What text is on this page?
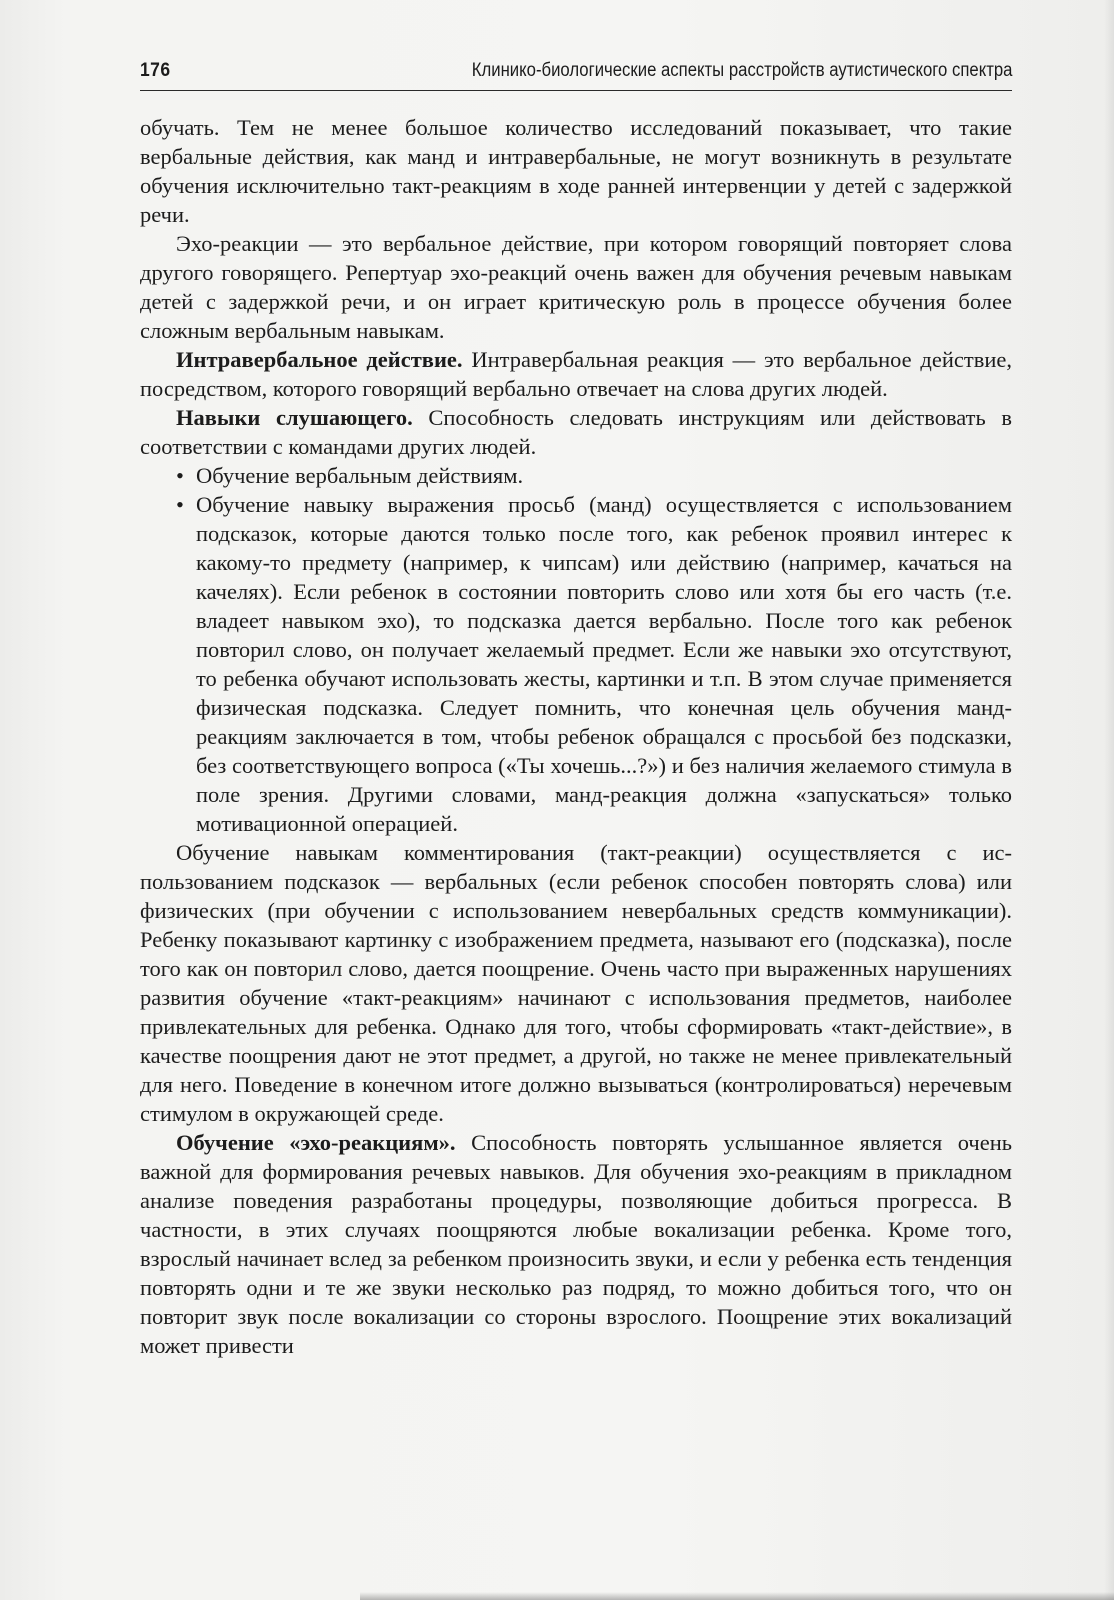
176	Клинико-биологические аспекты расстройств аутистического спектра

обучать. Тем не менее большое количество исследований показывает, что такие вербальные действия, как манд и интравербальные, не могут возникнуть в результате обучения исключительно такт-реакциям в ходе ранней интервенции у детей с задержкой речи.

Эхо-реакции — это вербальное действие, при котором говорящий повторяет слова другого говорящего. Репертуар эхо-реакций очень важен для обучения речевым навыкам детей с задержкой речи, и он играет критическую роль в процессе обучения более сложным вербальным навыкам.

Интравербальное действие. Интравербальная реакция — это вербальное действие, посредством, которого говорящий вербально отвечает на слова других людей.

Навыки слушающего. Способность следовать инструкциям или действовать в соответствии с командами других людей.

• Обучение вербальным действиям.
• Обучение навыку выражения просьб (манд) осуществляется с использованием подсказок, которые даются только после того, как ребенок проявил интерес к какому-то предмету (например, к чипсам) или действию (например, качаться на качелях). Если ребенок в состоянии повторить слово или хотя бы его часть (т.е. владеет навыком эхо), то подсказка дается вербально. После того как ребенок повторил слово, он получает желаемый предмет. Если же навыки эхо отсутствуют, то ребенка обучают использовать жесты, картинки и т.п. В этом случае применяется физическая подсказка. Следует помнить, что конечная цель обучения манд-реакциям заключается в том, чтобы ребенок обращался с просьбой без подсказки, без соответствующего вопроса («Ты хочешь...?») и без наличия желаемого стимула в поле зрения. Другими словами, манд-реакция должна «запускаться» только мотивационной операцией.

Обучение навыкам комментирования (такт-реакции) осуществляется с использованием подсказок — вербальных (если ребенок способен повторять слова) или физических (при обучении с использованием невербальных средств коммуникации). Ребенку показывают картинку с изображением предмета, называют его (подсказка), после того как он повторил слово, дается поощрение. Очень часто при выраженных нарушениях развития обучение «такт-реакциям» начинают с использования предметов, наиболее привлекательных для ребенка. Однако для того, чтобы сформировать «такт-действие», в качестве поощрения дают не этот предмет, а другой, но также не менее привлекательный для него. Поведение в конечном итоге должно вызываться (контролироваться) неречевым стимулом в окружающей среде.

Обучение «эхо-реакциям». Способность повторять услышанное является очень важной для формирования речевых навыков. Для обучения эхо-реакциям в прикладном анализе поведения разработаны процедуры, позволяющие добиться прогресса. В частности, в этих случаях поощряются любые вокализации ребенка. Кроме того, взрослый начинает вслед за ребенком произносить звуки, и если у ребенка есть тенденция повторять одни и те же звуки несколько раз подряд, то можно добиться того, что он повторит звук после вокализации со стороны взрослого. Поощрение этих вокализаций может привести
